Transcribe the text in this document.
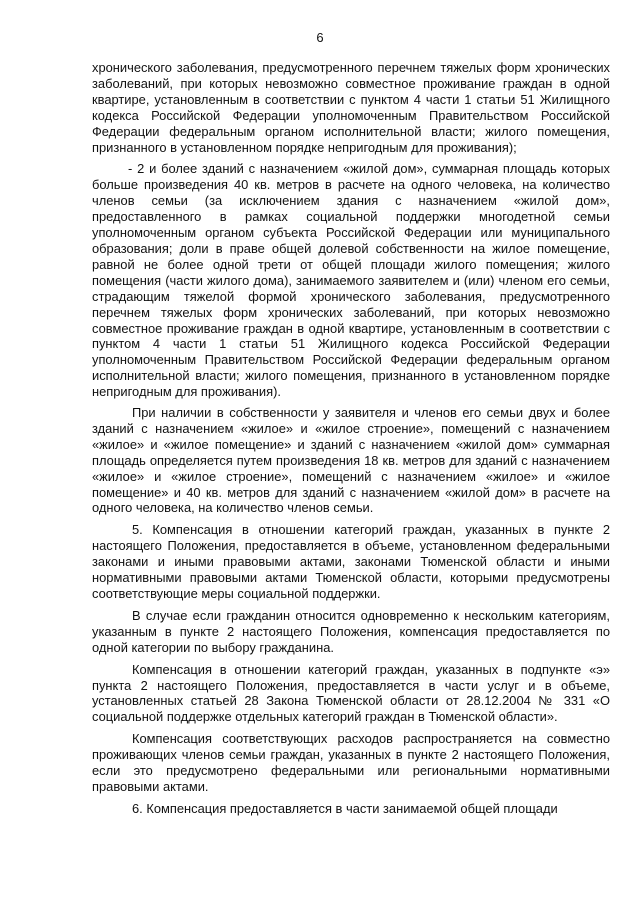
6

хронического заболевания, предусмотренного перечнем тяжелых форм хронических заболеваний, при которых невозможно совместное проживание граждан в одной квартире, установленным в соответствии с пунктом 4 части 1 статьи 51 Жилищного кодекса Российской Федерации уполномоченным Правительством Российской Федерации федеральным органом исполнительной власти; жилого помещения, признанного в установленном порядке непригодным для проживания);

- 2 и более зданий с назначением «жилой дом», суммарная площадь которых больше произведения 40 кв. метров в расчете на одного человека, на количество членов семьи (за исключением здания с назначением «жилой дом», предоставленного в рамках социальной поддержки многодетной семьи уполномоченным органом субъекта Российской Федерации или муниципального образования; доли в праве общей долевой собственности на жилое помещение, равной не более одной трети от общей площади жилого помещения; жилого помещения (части жилого дома), занимаемого заявителем и (или) членом его семьи, страдающим тяжелой формой хронического заболевания, предусмотренного перечнем тяжелых форм хронических заболеваний, при которых невозможно совместное проживание граждан в одной квартире, установленным в соответствии с пунктом 4 части 1 статьи 51 Жилищного кодекса Российской Федерации уполномоченным Правительством Российской Федерации федеральным органом исполнительной власти; жилого помещения, признанного в установленном порядке непригодным для проживания).

При наличии в собственности у заявителя и членов его семьи двух и более зданий с назначением «жилое» и «жилое строение», помещений с назначением «жилое» и «жилое помещение» и зданий с назначением «жилой дом» суммарная площадь определяется путем произведения 18 кв. метров для зданий с назначением «жилое» и «жилое строение», помещений с назначением «жилое» и «жилое помещение» и 40 кв. метров для зданий с назначением «жилой дом» в расчете на одного человека, на количество членов семьи.

5. Компенсация в отношении категорий граждан, указанных в пункте 2 настоящего Положения, предоставляется в объеме, установленном федеральными законами и иными правовыми актами, законами Тюменской области и иными нормативными правовыми актами Тюменской области, которыми предусмотрены соответствующие меры социальной поддержки.

В случае если гражданин относится одновременно к нескольким категориям, указанным в пункте 2 настоящего Положения, компенсация предоставляется по одной категории по выбору гражданина.

Компенсация в отношении категорий граждан, указанных в подпункте «э» пункта 2 настоящего Положения, предоставляется в части услуг и в объеме, установленных статьей 28 Закона Тюменской области от 28.12.2004 № 331 «О социальной поддержке отдельных категорий граждан в Тюменской области».

Компенсация соответствующих расходов распространяется на совместно проживающих членов семьи граждан, указанных в пункте 2 настоящего Положения, если это предусмотрено федеральными или региональными нормативными правовыми актами.

6. Компенсация предоставляется в части занимаемой общей площади
